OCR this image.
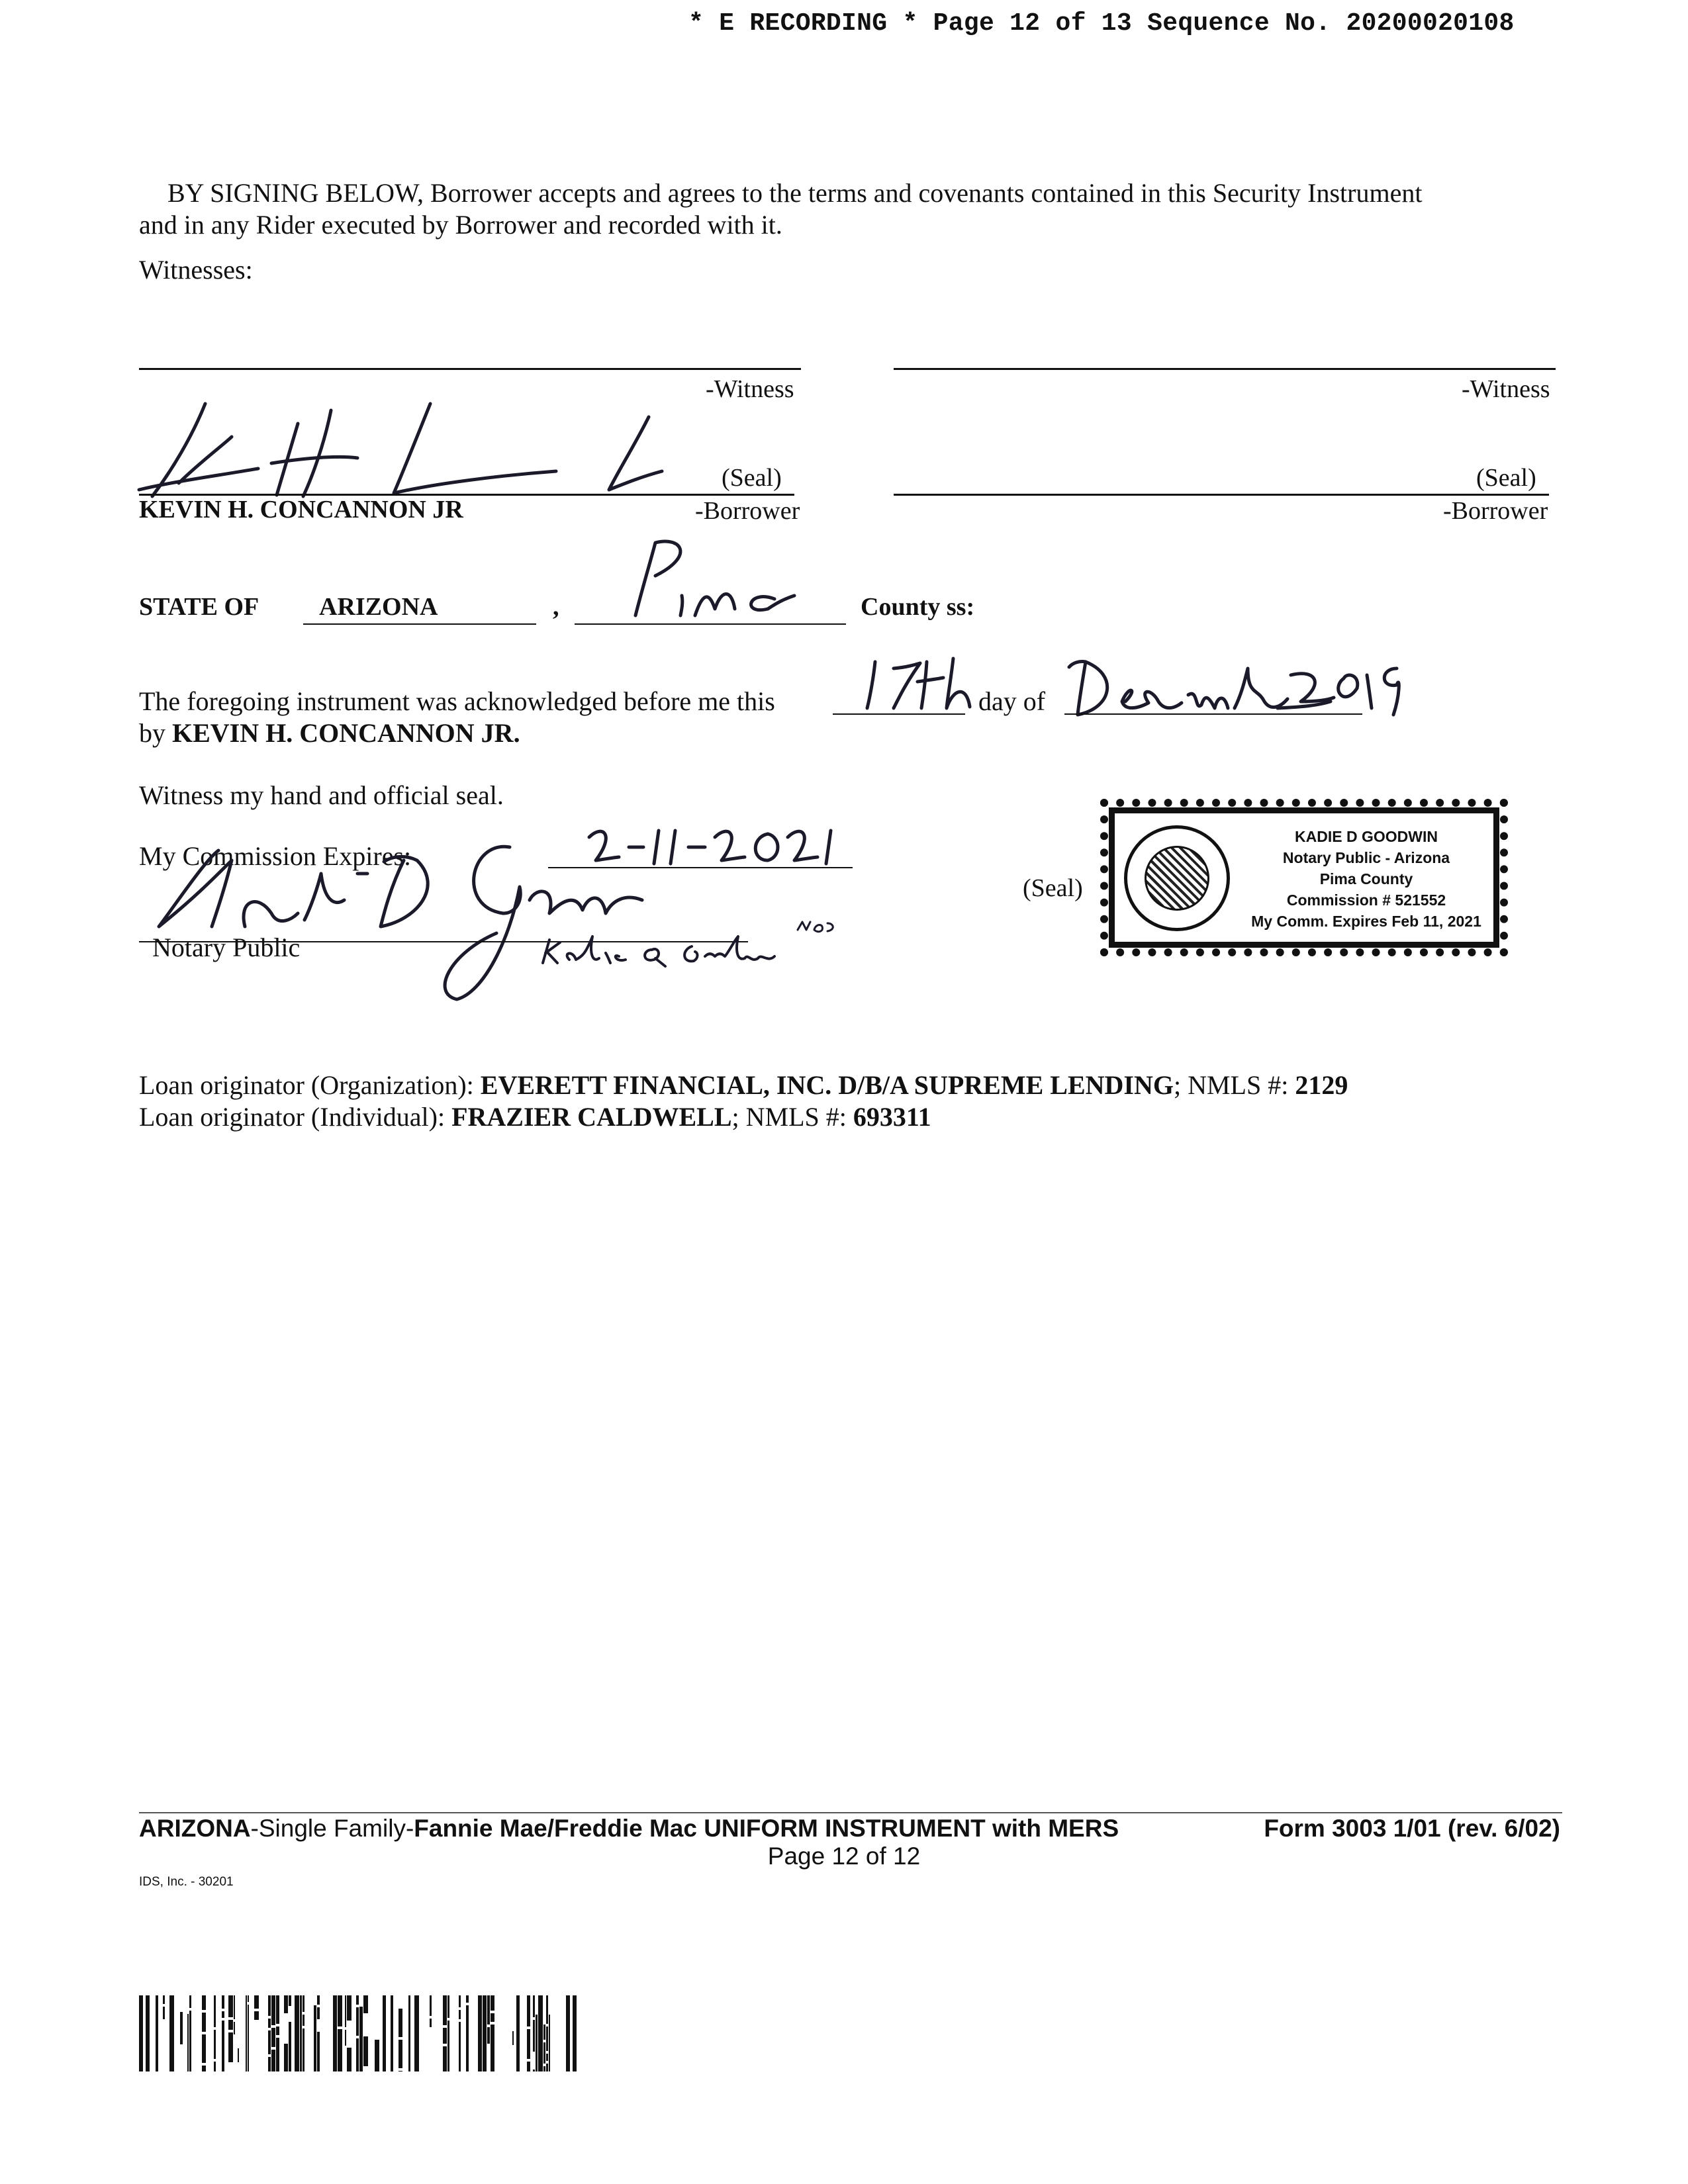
* E RECORDING * Page 12 of 13 Sequence No. 20200020108
BY SIGNING BELOW, Borrower accepts and agrees to the terms and covenants contained in this Security Instrument
and in any Rider executed by Borrower and recorded with it.
Witnesses:
-Witness	-Witness
(Seal)
KEVIN H. CONCANNON JR	-Borrower
(Seal)
-Borrower
STATE OF ARIZONA	,	County ss:
The foregoing instrument was acknowledged before me this	day of
by KEVIN H. CONCANNON JR.
Witness my hand and official seal.
My Commission Expires:
Notary Public
(Seal)
KADIE D GOODWIN
Notary Public - Arizona
Pima County
Commission # 521552
My Comm. Expires Feb 11, 2021
Loan originator (Organization): EVERETT FINANCIAL, INC. D/B/A SUPREME LENDING; NMLS #: 2129
Loan originator (Individual): FRAZIER CALDWELL; NMLS #: 693311
ARIZONA-Single Family-Fannie Mae/Freddie Mac UNIFORM INSTRUMENT with MERS	Form 3003 1/01 (rev. 6/02)
Page 12 of 12
IDS, Inc. - 30201
